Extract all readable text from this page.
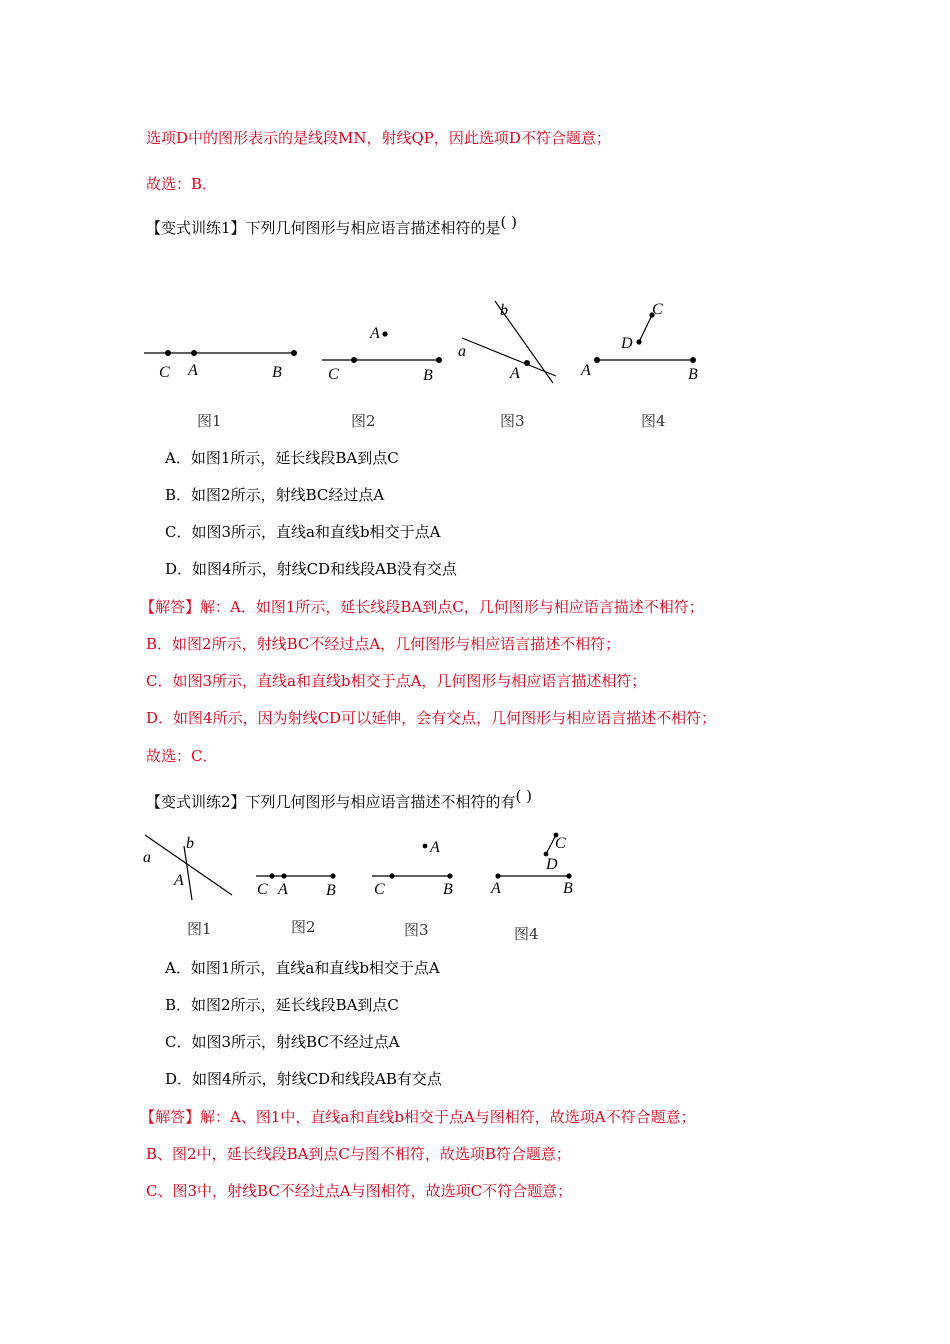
选项D中的图形表示的是线段MN，射线QP，因此选项D不符合题意；
故选：B．
【变式训练1】下列几何图形与相应语言描述相符的是( )
C A	B
图1
A
C	B
图2
b
a
A
图3
C
D
A	B
图4
A．如图1所示，延长线段BA到点C
B．如图2所示，射线BC经过点A
C．如图3所示，直线a和直线b相交于点A
D．如图4所示，射线CD和线段AB没有交点
【解答】解：A．如图1所示，延长线段BA到点C，几何图形与相应语言描述不相符；
B．如图2所示，射线BC不经过点A，几何图形与相应语言描述不相符；
C．如图3所示，直线a和直线b相交于点A，几何图形与相应语言描述相符；
D．如图4所示，因为射线CD可以延伸，会有交点，几何图形与相应语言描述不相符；
故选：C．
【变式训练2】下列几何图形与相应语言描述不相符的有( )
b
a
A
图1
C A B
图2
A
C	B
图3
C
D
A	B
图4
A．如图1所示，直线a和直线b相交于点A
B．如图2所示，延长线段BA到点C
C．如图3所示，射线BC不经过点A
D．如图4所示，射线CD和线段AB有交点
【解答】解：A、图1中，直线a和直线b相交于点A与图相符，故选项A不符合题意；
B、图2中，延长线段BA到点C与图不相符，故选项B符合题意；
C、图3中，射线BC不经过点A与图相符，故选项C不符合题意；
